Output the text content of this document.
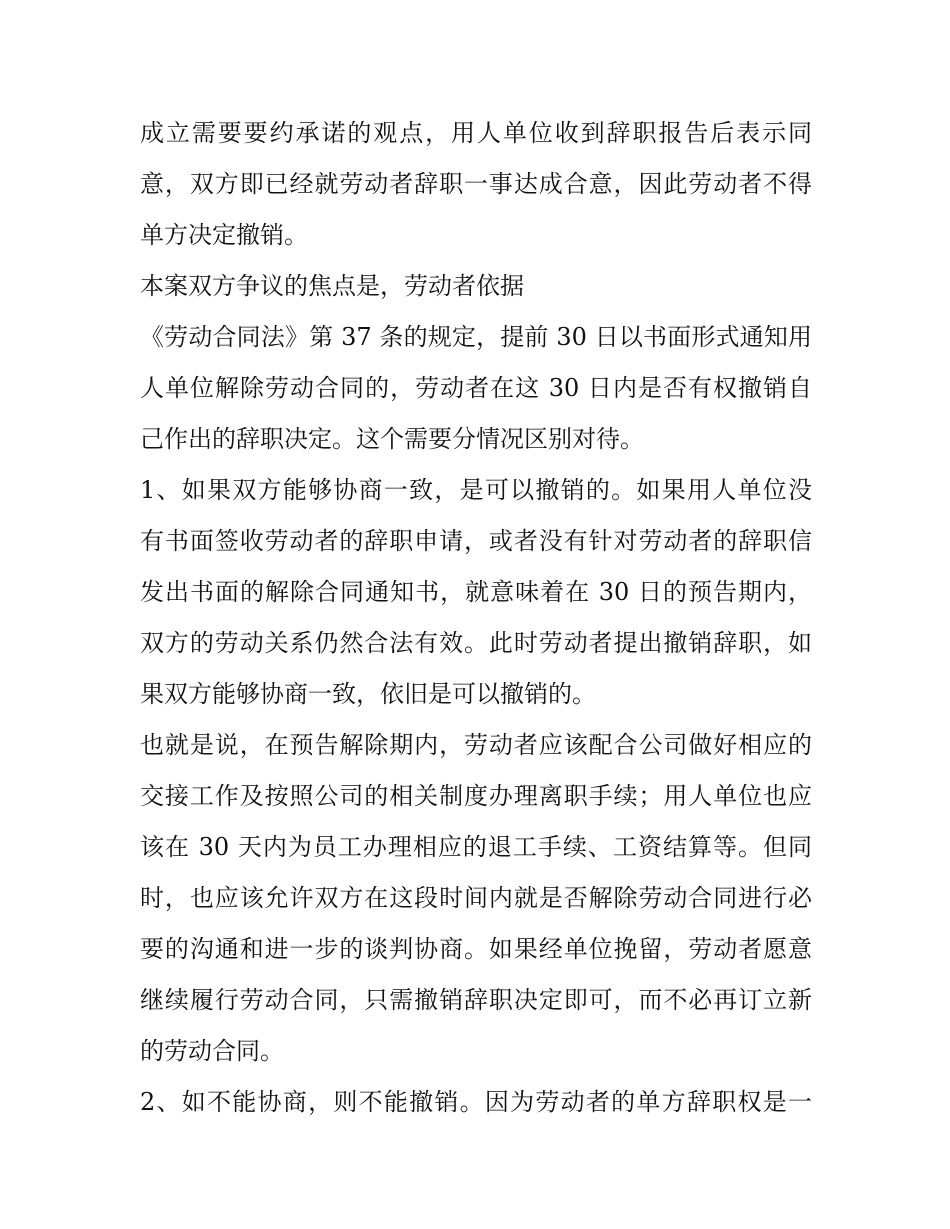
成立需要要约承诺的观点，用人单位收到辞职报告后表示同
意，双方即已经就劳动者辞职一事达成合意，因此劳动者不得
单方决定撤销。
本案双方争议的焦点是，劳动者依据
《劳动合同法》第 37 条的规定，提前 30 日以书面形式通知用
人单位解除劳动合同的，劳动者在这 30 日内是否有权撤销自
己作出的辞职决定。这个需要分情况区别对待。
1、如果双方能够协商一致，是可以撤销的。如果用人单位没
有书面签收劳动者的辞职申请，或者没有针对劳动者的辞职信
发出书面的解除合同通知书，就意味着在 30 日的预告期内，
双方的劳动关系仍然合法有效。此时劳动者提出撤销辞职，如
果双方能够协商一致，依旧是可以撤销的。
也就是说，在预告解除期内，劳动者应该配合公司做好相应的
交接工作及按照公司的相关制度办理离职手续；用人单位也应
该在 30 天内为员工办理相应的退工手续、工资结算等。但同
时，也应该允许双方在这段时间内就是否解除劳动合同进行必
要的沟通和进一步的谈判协商。如果经单位挽留，劳动者愿意
继续履行劳动合同，只需撤销辞职决定即可，而不必再订立新
的劳动合同。
2、如不能协商，则不能撤销。因为劳动者的单方辞职权是一
